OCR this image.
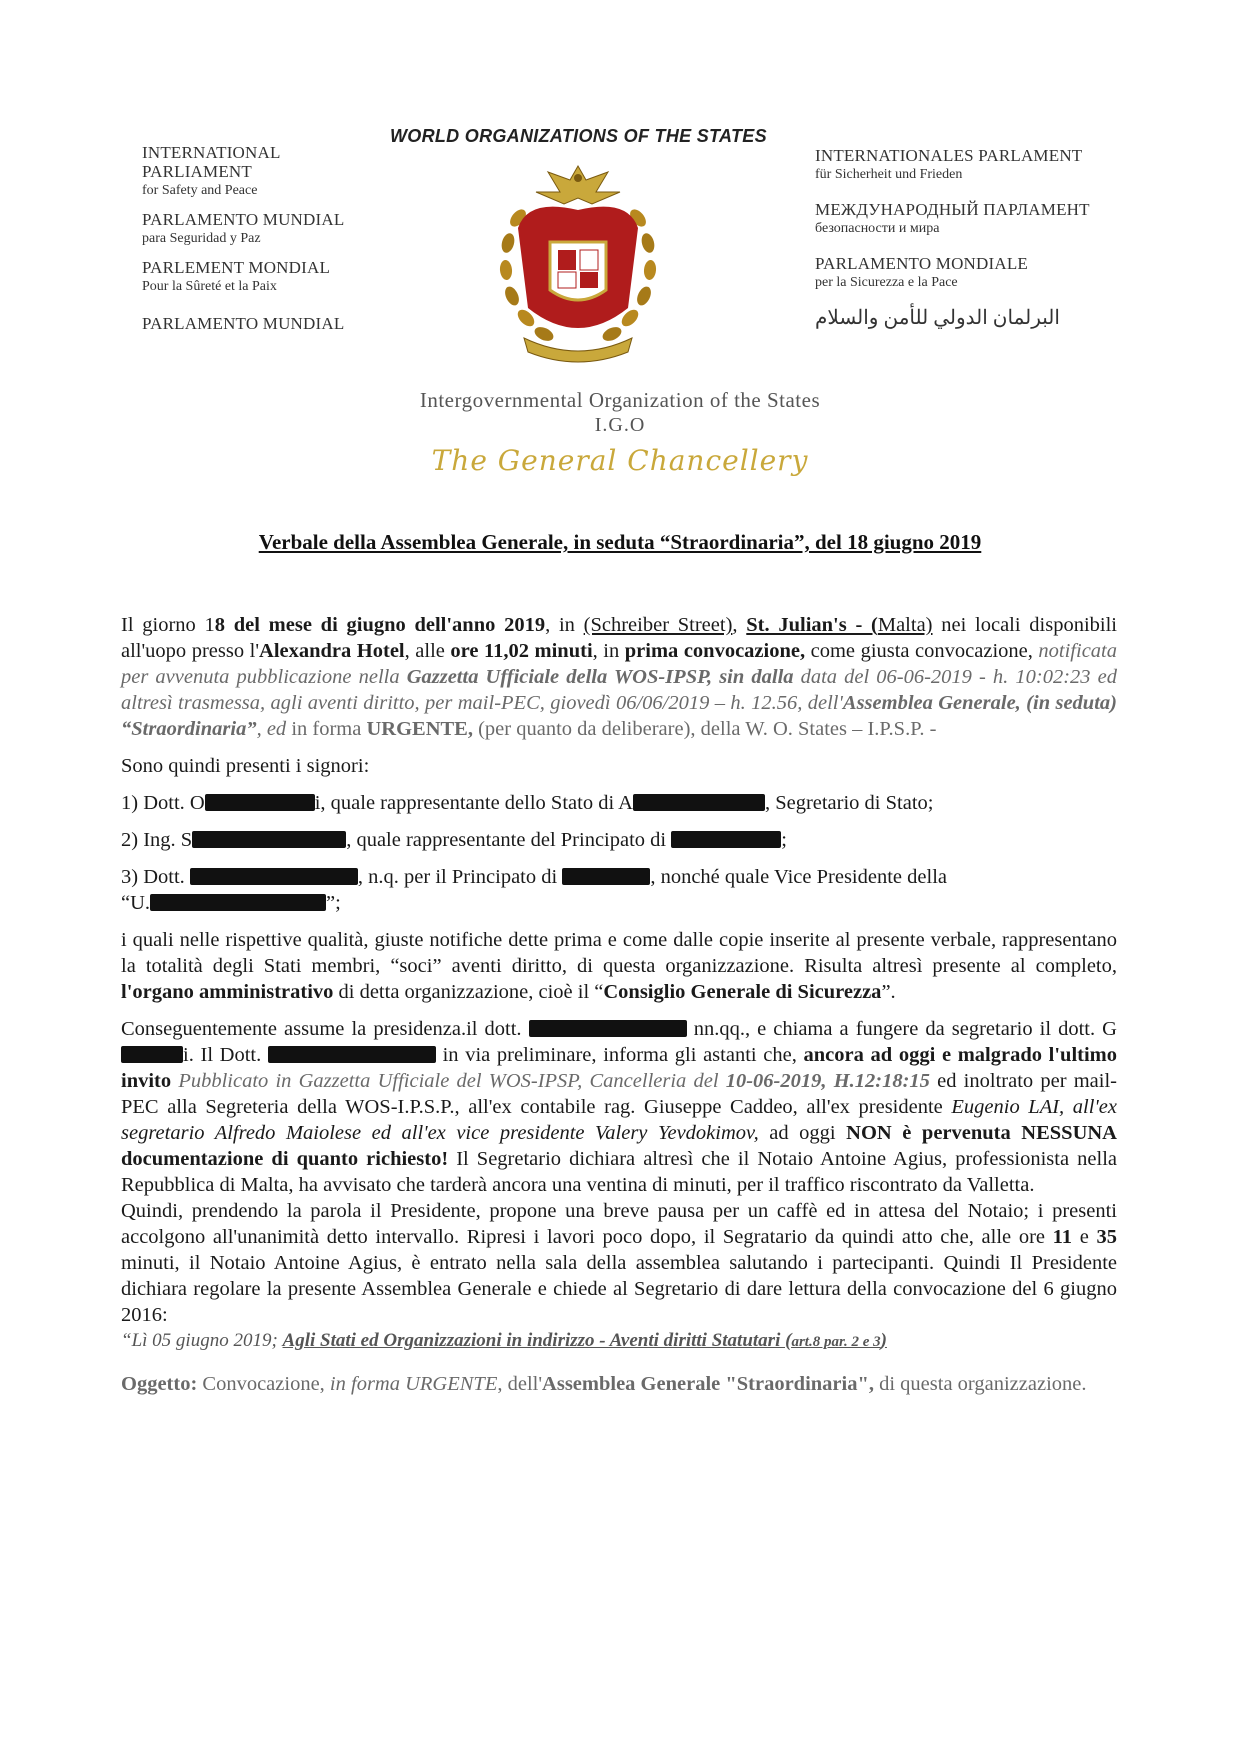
WORLD ORGANIZATIONS OF THE STATES
INTERNATIONAL
PARLIAMENT
for Safety and Peace
PARLAMENTO MUNDIAL
para Seguridad y Paz
PARLEMENT MONDIAL
Pour la Sûreté et la Paix
PARLAMENTO MUNDIAL
INTERNATIONALES PARLAMENT
für Sicherheit und Frieden
МЕЖДУНАРОДНЫЙ ПАРЛАМЕНТ
безопасности и мира
PARLAMENTO MONDIALE
per la Sicurezza e la Pace
البرلمان الدولي للأمن والسلام
Intergovernmental Organization of the States
I.G.O
The General Chancellery
Verbale della Assemblea Generale, in seduta “Straordinaria”, del 18 giugno 2019

Il giorno 18 del mese di giugno dell'anno 2019, in (Schreiber Street), St. Julian's - (Malta) nei locali disponibili all'uopo presso l'Alexandra Hotel, alle ore 11,02 minuti, in prima convocazione, come giusta convocazione, notificata per avvenuta pubblicazione nella Gazzetta Ufficiale della WOS-IPSP, sin dalla data del 06-06-2019 - h. 10:02:23 ed altresì trasmessa, agli aventi diritto, per mail-PEC, giovedì 06/06/2019 – h. 12.56, dell'Assemblea Generale, (in seduta) “Straordinaria”, ed in forma URGENTE, (per quanto da deliberare), della W. O. States – I.P.S.P. -

Sono quindi presenti i signori:

1) Dott. O	i, quale rappresentante dello Stato di A	, Segretario di Stato;

2) Ing. S	, quale rappresentante del Principato di	;

3) Dott.	, n.q. per il Principato di	, nonché quale Vice Presidente della
“U.	”;

i quali nelle rispettive qualità, giuste notifiche dette prima e come dalle copie inserite al presente verbale, rappresentano la totalità degli Stati membri, “soci” aventi diritto, di questa organizzazione. Risulta altresì presente al completo, l'organo amministrativo di detta organizzazione, cioè il “Consiglio Generale di Sicurezza”.

Conseguentemente assume la presidenza.il dott.	nn.qq., e chiama a fungere da segretario il dott. Gi. Il Dott.	in via preliminare, informa gli astanti che, ancora ad oggi e malgrado l'ultimo invito Pubblicato in Gazzetta Ufficiale del WOS-IPSP, Cancelleria del 10-06-2019, H.12:18:15 ed inoltrato per mail-PEC alla Segreteria della WOS-I.P.S.P., all'ex contabile rag. Giuseppe Caddeo, all'ex presidente Eugenio LAI, all'ex segretario Alfredo Maiolese ed all'ex vice presidente Valery Yevdokimov, ad oggi NON è pervenuta NESSUNA documentazione di quanto richiesto! Il Segretario dichiara altresì che il Notaio Antoine Agius, professionista nella Repubblica di Malta, ha avvisato che tarderà ancora una ventina di minuti, per il traffico riscontrato da Valletta.

Quindi, prendendo la parola il Presidente, propone una breve pausa per un caffè ed in attesa del Notaio; i presenti accolgono all'unanimità detto intervallo. Ripresi i lavori poco dopo, il Segratario da quindi atto che, alle ore 11 e 35 minuti, il Notaio Antoine Agius, è entrato nella sala della assemblea salutando i partecipanti. Quindi Il Presidente dichiara regolare la presente Assemblea Generale e chiede al Segretario di dare lettura della convocazione del 6 giugno 2016:

“Lì 05 giugno 2019; Agli Stati ed Organizzazioni in indirizzo - Aventi diritti Statutari (art.8 par. 2 e 3)

Oggetto: Convocazione, in forma URGENTE, dell'Assemblea Generale "Straordinaria", di questa organizzazione.
